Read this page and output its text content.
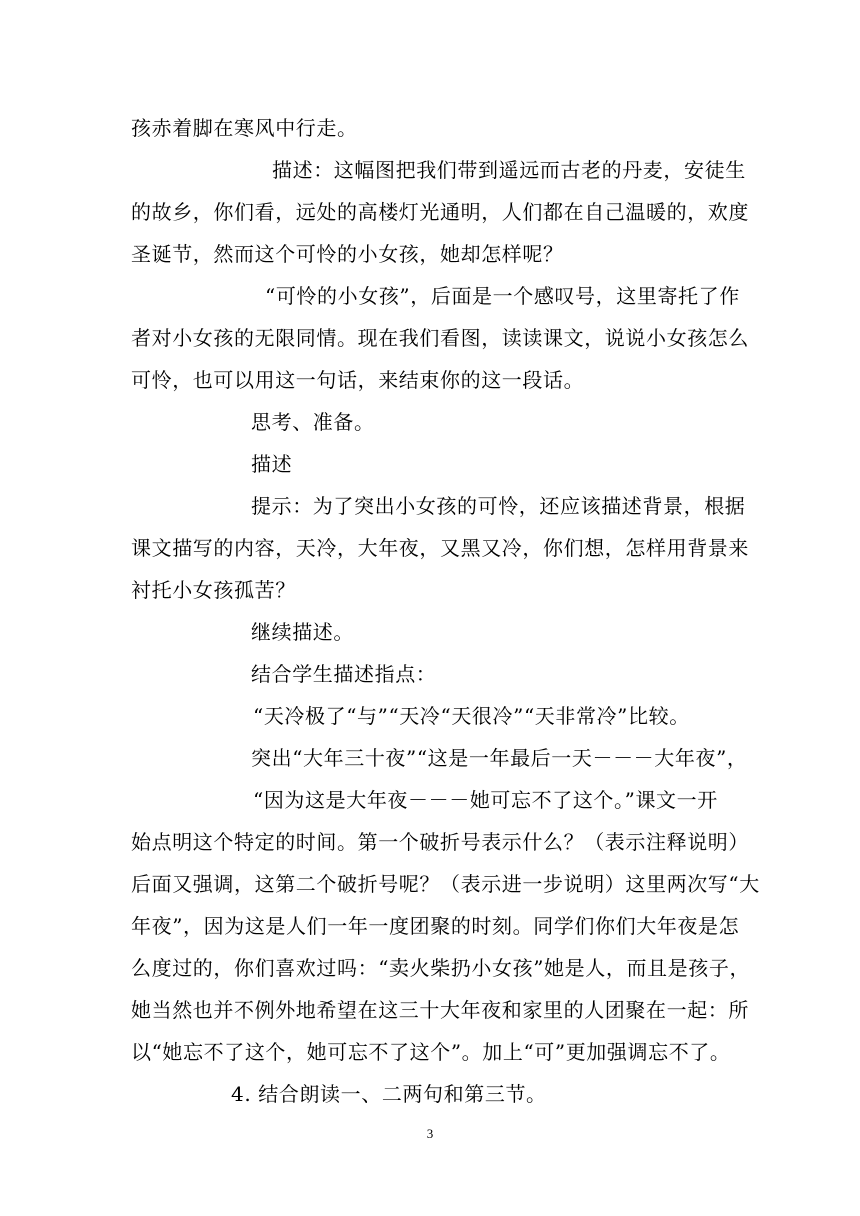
孩赤着脚在寒风中行走。
描述：这幅图把我们带到遥远而古老的丹麦，安徒生
的故乡，你们看，远处的高楼灯光通明，人们都在自己温暖的，欢度
圣诞节，然而这个可怜的小女孩，她却怎样呢？
“可怜的小女孩”，后面是一个感叹号，这里寄托了作
者对小女孩的无限同情。现在我们看图，读读课文，说说小女孩怎么
可怜，也可以用这一句话，来结束你的这一段话。
思考、准备。
描述
提示：为了突出小女孩的可怜，还应该描述背景，根据
课文描写的内容，天冷，大年夜，又黑又冷，你们想，怎样用背景来
衬托小女孩孤苦？
继续描述。
结合学生描述指点：
“天冷极了“与”“天冷“天很冷”“天非常冷”比较。
突出“大年三十夜”“这是一年最后一天－－－大年夜”，
“因为这是大年夜－－－她可忘不了这个。”课文一开
始点明这个特定的时间。第一个破折号表示什么？（表示注释说明）
后面又强调，这第二个破折号呢？（表示进一步说明）这里两次写“大
年夜”，因为这是人们一年一度团聚的时刻。同学们你们大年夜是怎
么度过的，你们喜欢过吗：“卖火柴扔小女孩”她是人，而且是孩子，
她当然也并不例外地希望在这三十大年夜和家里的人团聚在一起：所
以“她忘不了这个，她可忘不了这个”。加上“可”更加强调忘不了。
4. 结合朗读一、二两句和第三节。
3
